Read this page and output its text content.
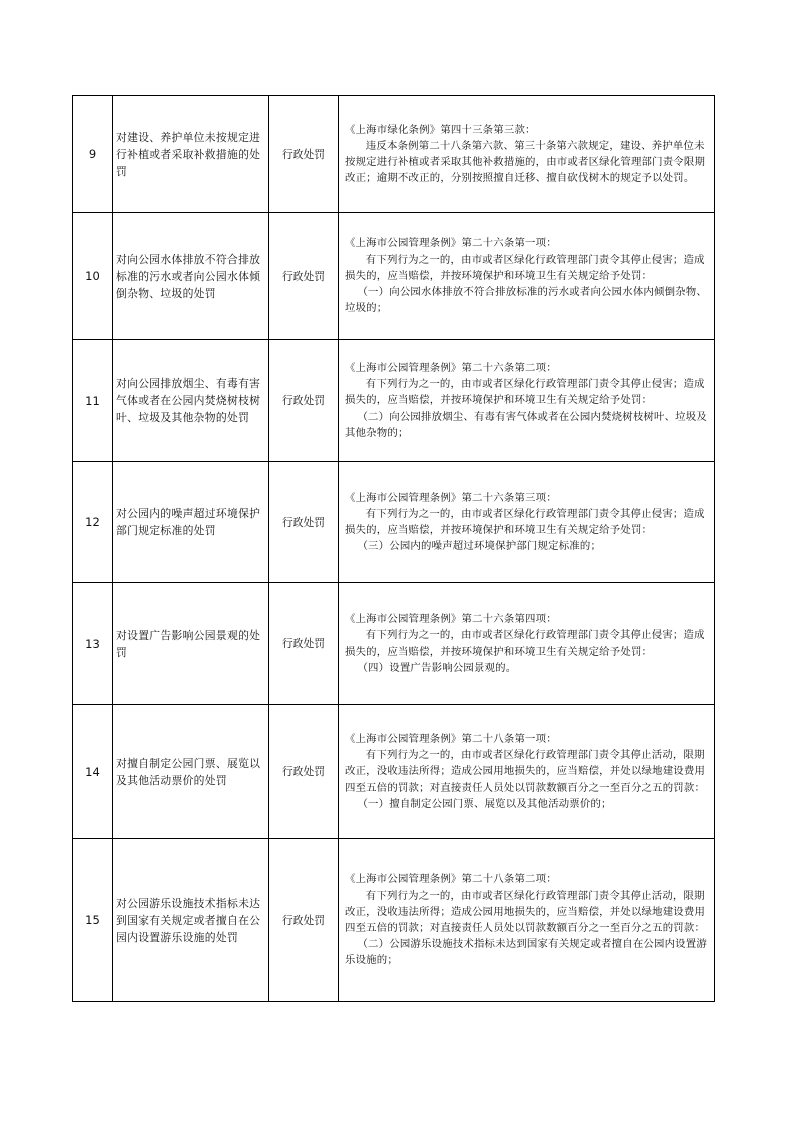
9	对建设、养护单位未按规定进行补植或者采取补救措施的处罚	行政处罚	《上海市绿化条例》第四十三条第三款：

违反本条例第二十八条第六款、第三十条第六款规定，建设、养护单位未按规定进行补植或者采取其他补救措施的，由市或者区绿化管理部门责令限期改正；逾期不改正的，分别按照擅自迁移、擅自砍伐树木的规定予以处罚。

10	对向公园水体排放不符合排放标准的污水或者向公园水体倾倒杂物、垃圾的处罚	行政处罚	《上海市公园管理条例》第二十六条第一项：

有下列行为之一的，由市或者区绿化行政管理部门责令其停止侵害；造成损失的，应当赔偿，并按环境保护和环境卫生有关规定给予处罚：

（一）向公园水体排放不符合排放标准的污水或者向公园水体内倾倒杂物、垃圾的；

11	对向公园排放烟尘、有毒有害气体或者在公园内焚烧树枝树叶、垃圾及其他杂物的处罚	行政处罚	《上海市公园管理条例》第二十六条第二项：

有下列行为之一的，由市或者区绿化行政管理部门责令其停止侵害；造成损失的，应当赔偿，并按环境保护和环境卫生有关规定给予处罚：

（二）向公园排放烟尘、有毒有害气体或者在公园内焚烧树枝树叶、垃圾及其他杂物的；

12	对公园内的噪声超过环境保护部门规定标准的处罚	行政处罚	《上海市公园管理条例》第二十六条第三项：

有下列行为之一的，由市或者区绿化行政管理部门责令其停止侵害；造成损失的，应当赔偿，并按环境保护和环境卫生有关规定给予处罚：

（三）公园内的噪声超过环境保护部门规定标准的；

13	对设置广告影响公园景观的处罚	行政处罚	《上海市公园管理条例》第二十六条第四项：

有下列行为之一的，由市或者区绿化行政管理部门责令其停止侵害；造成损失的，应当赔偿，并按环境保护和环境卫生有关规定给予处罚：

（四）设置广告影响公园景观的。

14	对擅自制定公园门票、展览以及其他活动票价的处罚	行政处罚	《上海市公园管理条例》第二十八条第一项：

有下列行为之一的，由市或者区绿化行政管理部门责令其停止活动，限期改正，没收违法所得；造成公园用地损失的，应当赔偿，并处以绿地建设费用四至五倍的罚款；对直接责任人员处以罚款数额百分之一至百分之五的罚款：

（一）擅自制定公园门票、展览以及其他活动票价的；

15	对公园游乐设施技术指标未达到国家有关规定或者擅自在公园内设置游乐设施的处罚	行政处罚	《上海市公园管理条例》第二十八条第二项：

有下列行为之一的，由市或者区绿化行政管理部门责令其停止活动，限期改正，没收违法所得；造成公园用地损失的，应当赔偿，并处以绿地建设费用四至五倍的罚款；对直接责任人员处以罚款数额百分之一至百分之五的罚款：

（二）公园游乐设施技术指标未达到国家有关规定或者擅自在公园内设置游乐设施的；
